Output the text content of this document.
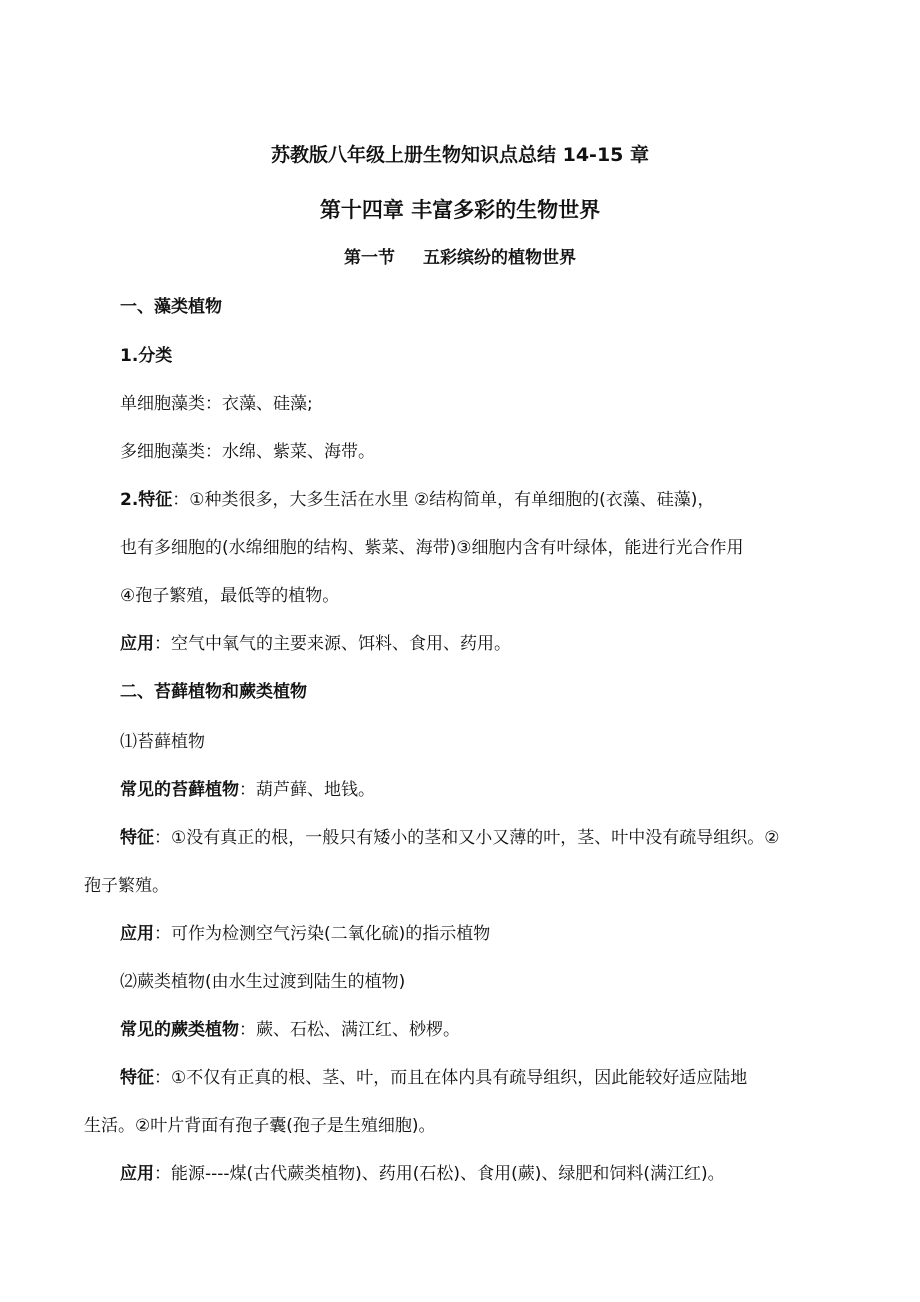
苏教版八年级上册生物知识点总结 14-15 章
第十四章 丰富多彩的生物世界
第一节 五彩缤纷的植物世界
一、藻类植物
1.分类
单细胞藻类：衣藻、硅藻;
多细胞藻类：水绵、紫菜、海带。
2.特征：①种类很多，大多生活在水里 ②结构简单，有单细胞的(衣藻、硅藻)，
也有多细胞的(水绵细胞的结构、紫菜、海带)③细胞内含有叶绿体，能进行光合作用
④孢子繁殖，最低等的植物。
应用：空气中氧气的主要来源、饵料、食用、药用。
二、苔藓植物和蕨类植物
⑴苔藓植物
常见的苔藓植物：葫芦藓、地钱。
特征：①没有真正的根，一般只有矮小的茎和又小又薄的叶，茎、叶中没有疏导组织。②
孢子繁殖。
应用：可作为检测空气污染(二氧化硫)的指示植物
⑵蕨类植物(由水生过渡到陆生的植物)
常见的蕨类植物：蕨、石松、满江红、桫椤。
特征：①不仅有正真的根、茎、叶，而且在体内具有疏导组织，因此能较好适应陆地
生活。②叶片背面有孢子囊(孢子是生殖细胞)。
应用：能源----煤(古代蕨类植物)、药用(石松)、食用(蕨)、绿肥和饲料(满江红)。
